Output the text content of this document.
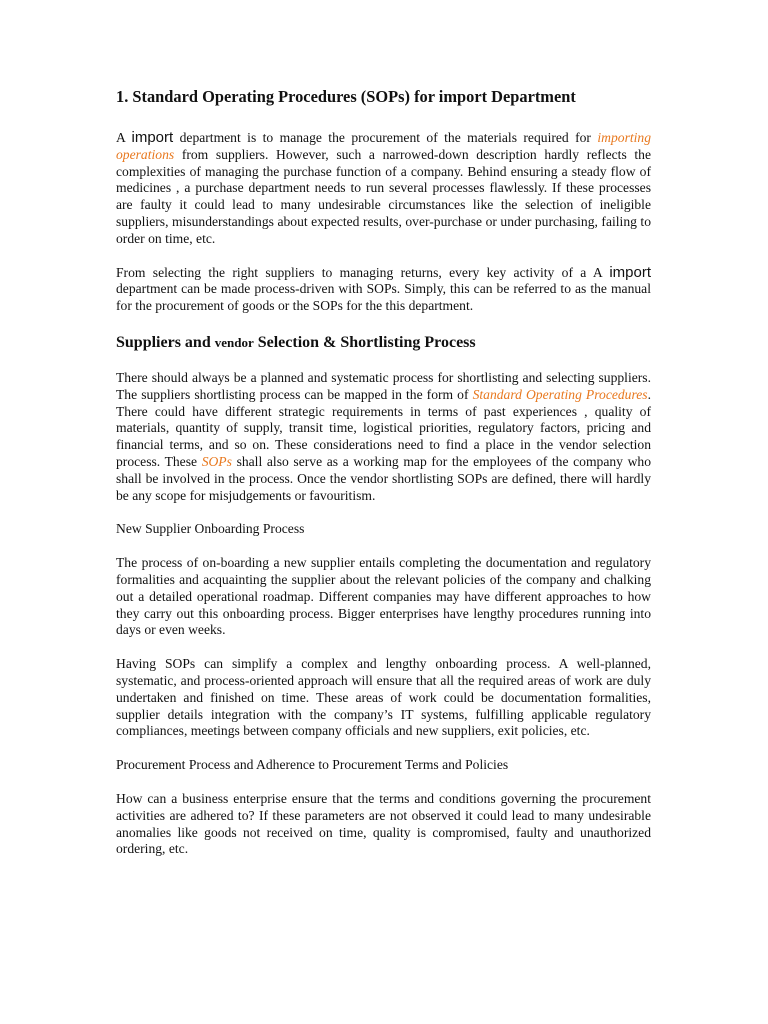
1. Standard Operating Procedures (SOPs) for import Department

A import department is to manage the procurement of the materials required for importing operations from suppliers. However, such a narrowed-down description hardly reflects the complexities of managing the purchase function of a company. Behind ensuring a steady flow of medicines , a purchase department needs to run several processes flawlessly. If these processes are faulty it could lead to many undesirable circumstances like the selection of ineligible suppliers, misunderstandings about expected results, over-purchase or under purchasing, failing to order on time, etc.

From selecting the right suppliers to managing returns, every key activity of a A import department can be made process-driven with SOPs. Simply, this can be referred to as the manual for the procurement of goods or the SOPs for the this department.

Suppliers and vendor Selection & Shortlisting Process

There should always be a planned and systematic process for shortlisting and selecting suppliers. The suppliers shortlisting process can be mapped in the form of Standard Operating Procedures. There could have different strategic requirements in terms of past experiences , quality of materials, quantity of supply, transit time, logistical priorities, regulatory factors, pricing and financial terms, and so on. These considerations need to find a place in the vendor selection process. These SOPs shall also serve as a working map for the employees of the company who shall be involved in the process. Once the vendor shortlisting SOPs are defined, there will hardly be any scope for misjudgements or favouritism.

New Supplier Onboarding Process

The process of on-boarding a new supplier entails completing the documentation and regulatory formalities and acquainting the supplier about the relevant policies of the company and chalking out a detailed operational roadmap. Different companies may have different approaches to how they carry out this onboarding process. Bigger enterprises have lengthy procedures running into days or even weeks.

Having SOPs can simplify a complex and lengthy onboarding process. A well-planned, systematic, and process-oriented approach will ensure that all the required areas of work are duly undertaken and finished on time. These areas of work could be documentation formalities, supplier details integration with the company’s IT systems, fulfilling applicable regulatory compliances, meetings between company officials and new suppliers, exit policies, etc.

Procurement Process and Adherence to Procurement Terms and Policies

How can a business enterprise ensure that the terms and conditions governing the procurement activities are adhered to? If these parameters are not observed it could lead to many undesirable anomalies like goods not received on time, quality is compromised, faulty and unauthorized ordering, etc.
